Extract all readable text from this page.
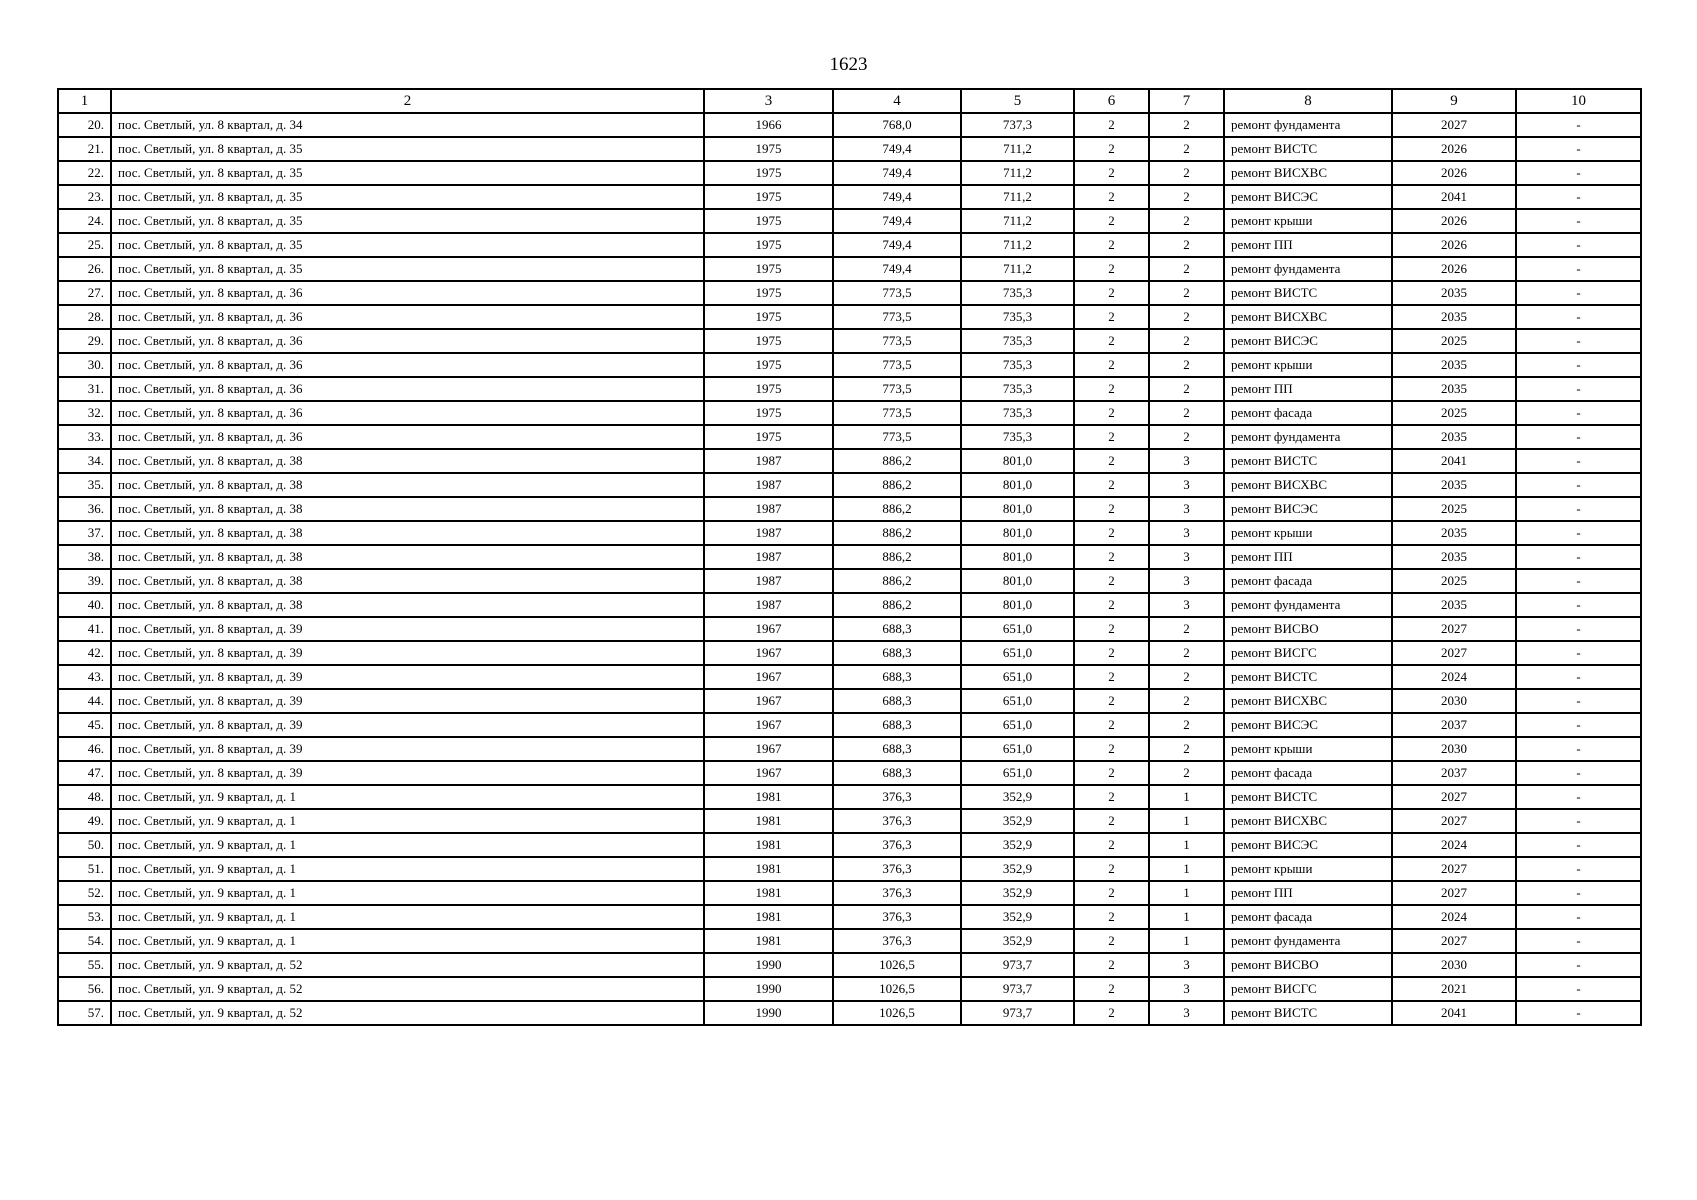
1623
1	2	3	4	5	6	7	8	9	10
20.	пос. Светлый, ул. 8 квартал, д. 34	1966	768,0	737,3	2	2	ремонт фундамента	2027	-
21.	пос. Светлый, ул. 8 квартал, д. 35	1975	749,4	711,2	2	2	ремонт ВИСТС	2026	-
22.	пос. Светлый, ул. 8 квартал, д. 35	1975	749,4	711,2	2	2	ремонт ВИСХВС	2026	-
23.	пос. Светлый, ул. 8 квартал, д. 35	1975	749,4	711,2	2	2	ремонт ВИСЭС	2041	-
24.	пос. Светлый, ул. 8 квартал, д. 35	1975	749,4	711,2	2	2	ремонт крыши	2026	-
25.	пос. Светлый, ул. 8 квартал, д. 35	1975	749,4	711,2	2	2	ремонт ПП	2026	-
26.	пос. Светлый, ул. 8 квартал, д. 35	1975	749,4	711,2	2	2	ремонт фундамента	2026	-
27.	пос. Светлый, ул. 8 квартал, д. 36	1975	773,5	735,3	2	2	ремонт ВИСТС	2035	-
28.	пос. Светлый, ул. 8 квартал, д. 36	1975	773,5	735,3	2	2	ремонт ВИСХВС	2035	-
29.	пос. Светлый, ул. 8 квартал, д. 36	1975	773,5	735,3	2	2	ремонт ВИСЭС	2025	-
30.	пос. Светлый, ул. 8 квартал, д. 36	1975	773,5	735,3	2	2	ремонт крыши	2035	-
31.	пос. Светлый, ул. 8 квартал, д. 36	1975	773,5	735,3	2	2	ремонт ПП	2035	-
32.	пос. Светлый, ул. 8 квартал, д. 36	1975	773,5	735,3	2	2	ремонт фасада	2025	-
33.	пос. Светлый, ул. 8 квартал, д. 36	1975	773,5	735,3	2	2	ремонт фундамента	2035	-
34.	пос. Светлый, ул. 8 квартал, д. 38	1987	886,2	801,0	2	3	ремонт ВИСТС	2041	-
35.	пос. Светлый, ул. 8 квартал, д. 38	1987	886,2	801,0	2	3	ремонт ВИСХВС	2035	-
36.	пос. Светлый, ул. 8 квартал, д. 38	1987	886,2	801,0	2	3	ремонт ВИСЭС	2025	-
37.	пос. Светлый, ул. 8 квартал, д. 38	1987	886,2	801,0	2	3	ремонт крыши	2035	-
38.	пос. Светлый, ул. 8 квартал, д. 38	1987	886,2	801,0	2	3	ремонт ПП	2035	-
39.	пос. Светлый, ул. 8 квартал, д. 38	1987	886,2	801,0	2	3	ремонт фасада	2025	-
40.	пос. Светлый, ул. 8 квартал, д. 38	1987	886,2	801,0	2	3	ремонт фундамента	2035	-
41.	пос. Светлый, ул. 8 квартал, д. 39	1967	688,3	651,0	2	2	ремонт ВИСВО	2027	-
42.	пос. Светлый, ул. 8 квартал, д. 39	1967	688,3	651,0	2	2	ремонт ВИСГС	2027	-
43.	пос. Светлый, ул. 8 квартал, д. 39	1967	688,3	651,0	2	2	ремонт ВИСТС	2024	-
44.	пос. Светлый, ул. 8 квартал, д. 39	1967	688,3	651,0	2	2	ремонт ВИСХВС	2030	-
45.	пос. Светлый, ул. 8 квартал, д. 39	1967	688,3	651,0	2	2	ремонт ВИСЭС	2037	-
46.	пос. Светлый, ул. 8 квартал, д. 39	1967	688,3	651,0	2	2	ремонт крыши	2030	-
47.	пос. Светлый, ул. 8 квартал, д. 39	1967	688,3	651,0	2	2	ремонт фасада	2037	-
48.	пос. Светлый, ул. 9 квартал, д. 1	1981	376,3	352,9	2	1	ремонт ВИСТС	2027	-
49.	пос. Светлый, ул. 9 квартал, д. 1	1981	376,3	352,9	2	1	ремонт ВИСХВС	2027	-
50.	пос. Светлый, ул. 9 квартал, д. 1	1981	376,3	352,9	2	1	ремонт ВИСЭС	2024	-
51.	пос. Светлый, ул. 9 квартал, д. 1	1981	376,3	352,9	2	1	ремонт крыши	2027	-
52.	пос. Светлый, ул. 9 квартал, д. 1	1981	376,3	352,9	2	1	ремонт ПП	2027	-
53.	пос. Светлый, ул. 9 квартал, д. 1	1981	376,3	352,9	2	1	ремонт фасада	2024	-
54.	пос. Светлый, ул. 9 квартал, д. 1	1981	376,3	352,9	2	1	ремонт фундамента	2027	-
55.	пос. Светлый, ул. 9 квартал, д. 52	1990	1026,5	973,7	2	3	ремонт ВИСВО	2030	-
56.	пос. Светлый, ул. 9 квартал, д. 52	1990	1026,5	973,7	2	3	ремонт ВИСГС	2021	-
57.	пос. Светлый, ул. 9 квартал, д. 52	1990	1026,5	973,7	2	3	ремонт ВИСТС	2041	-
